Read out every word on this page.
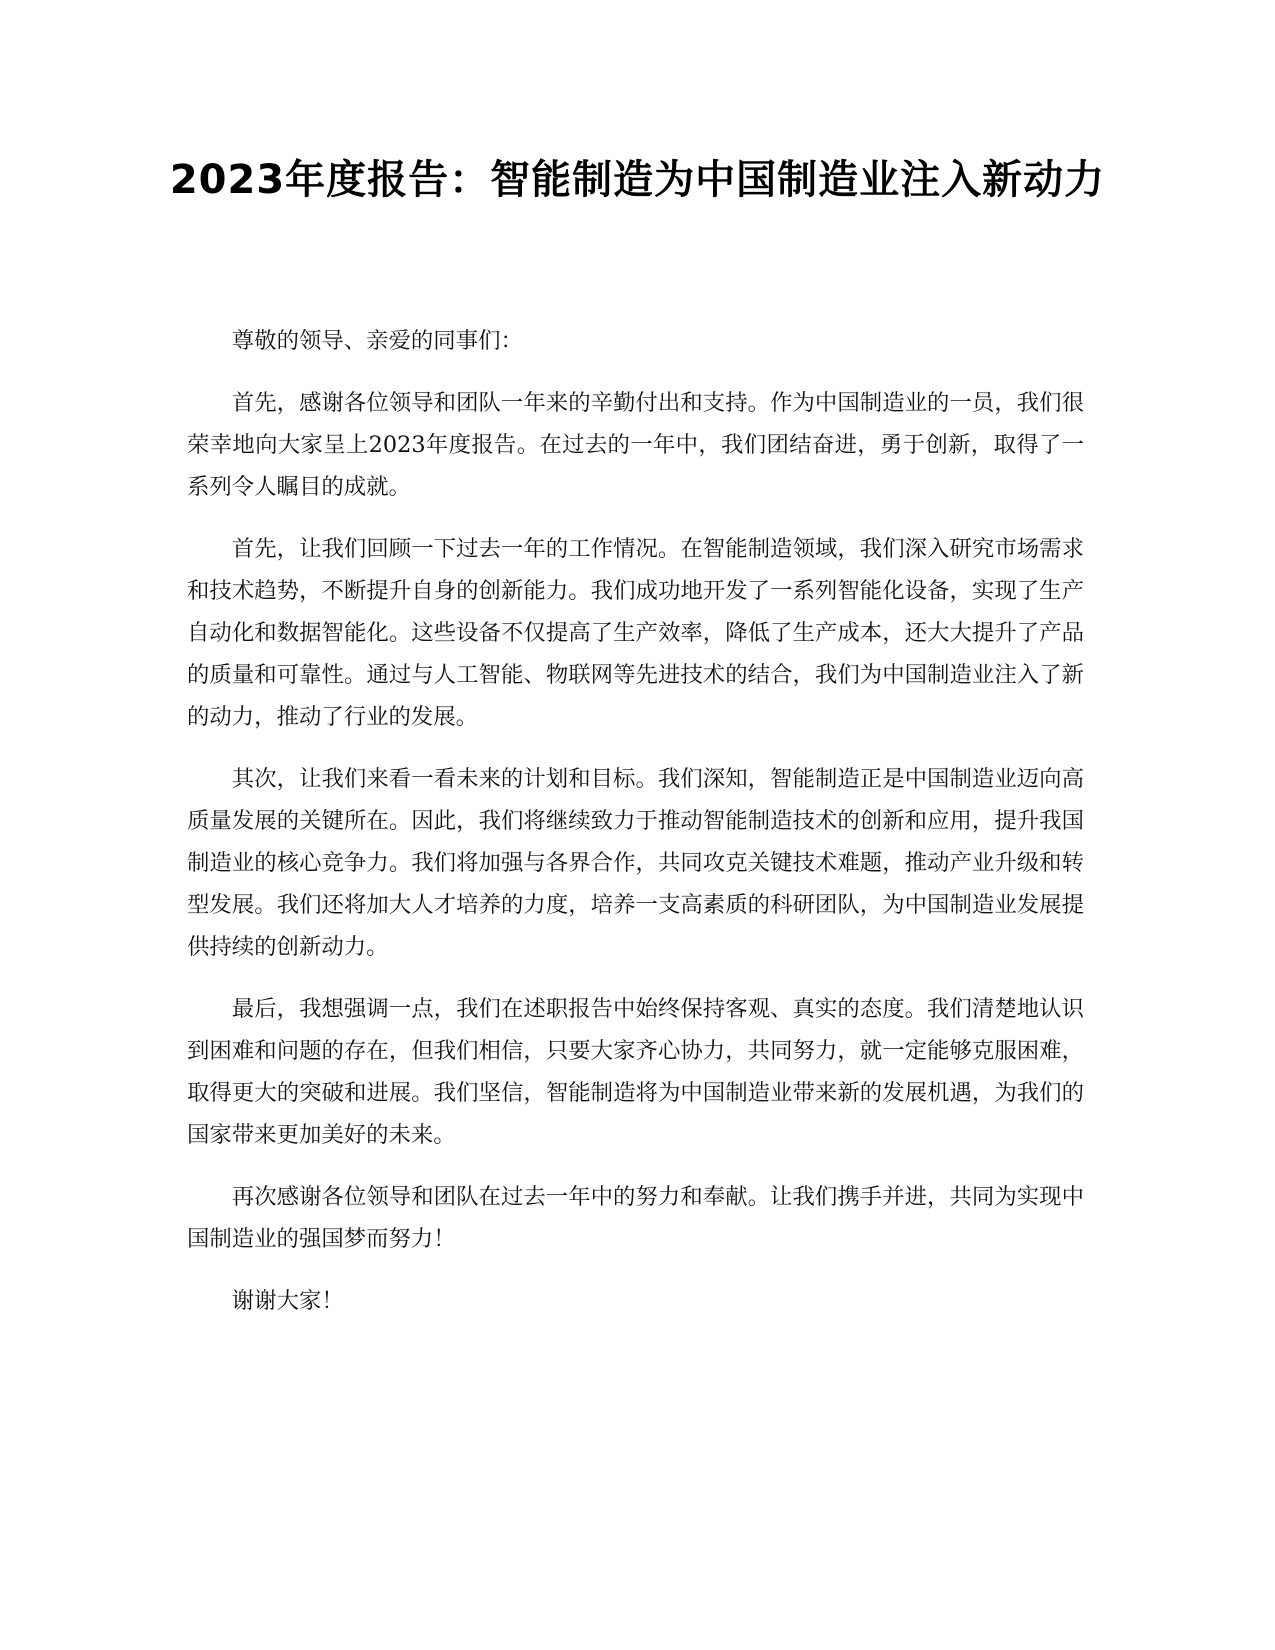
2023年度报告：智能制造为中国制造业注入新动力

尊敬的领导、亲爱的同事们：

首先，感谢各位领导和团队一年来的辛勤付出和支持。作为中国制造业的一员，我们很荣幸地向大家呈上2023年度报告。在过去的一年中，我们团结奋进，勇于创新，取得了一系列令人瞩目的成就。

首先，让我们回顾一下过去一年的工作情况。在智能制造领域，我们深入研究市场需求和技术趋势，不断提升自身的创新能力。我们成功地开发了一系列智能化设备，实现了生产自动化和数据智能化。这些设备不仅提高了生产效率，降低了生产成本，还大大提升了产品的质量和可靠性。通过与人工智能、物联网等先进技术的结合，我们为中国制造业注入了新的动力，推动了行业的发展。

其次，让我们来看一看未来的计划和目标。我们深知，智能制造正是中国制造业迈向高质量发展的关键所在。因此，我们将继续致力于推动智能制造技术的创新和应用，提升我国制造业的核心竞争力。我们将加强与各界合作，共同攻克关键技术难题，推动产业升级和转型发展。我们还将加大人才培养的力度，培养一支高素质的科研团队，为中国制造业发展提供持续的创新动力。

最后，我想强调一点，我们在述职报告中始终保持客观、真实的态度。我们清楚地认识到困难和问题的存在，但我们相信，只要大家齐心协力，共同努力，就一定能够克服困难，取得更大的突破和进展。我们坚信，智能制造将为中国制造业带来新的发展机遇，为我们的国家带来更加美好的未来。

再次感谢各位领导和团队在过去一年中的努力和奉献。让我们携手并进，共同为实现中国制造业的强国梦而努力！

谢谢大家！
